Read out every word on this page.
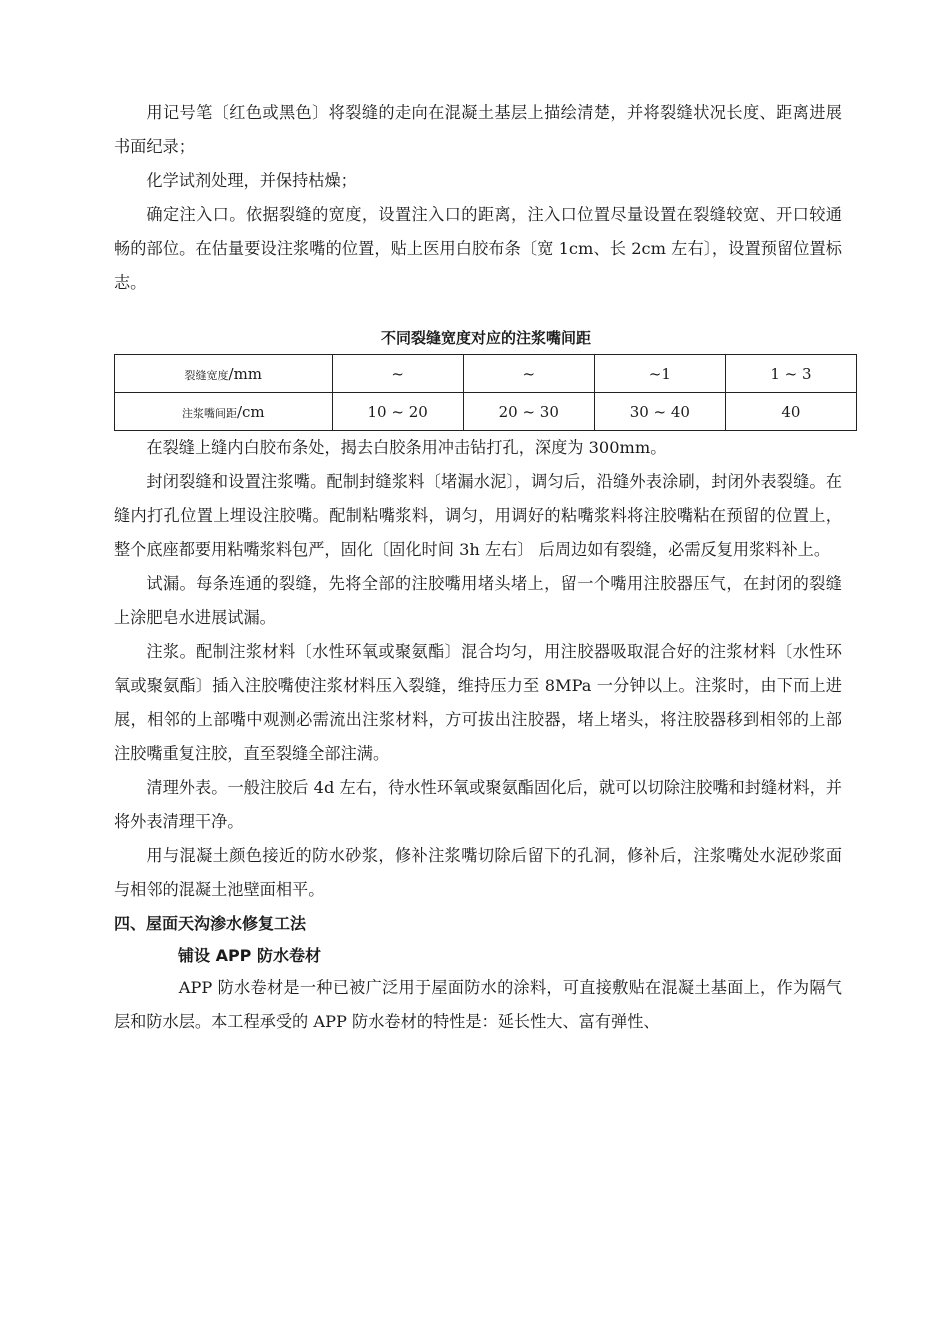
用记号笔〔红色或黑色〕将裂缝的走向在混凝土基层上描绘清楚，并将裂缝状况长度、距离进展书面纪录；

化学试剂处理，并保持枯燥；

确定注入口。依据裂缝的宽度，设置注入口的距离，注入口位置尽量设置在裂缝较宽、开口较通畅的部位。在估量要设注浆嘴的位置，贴上医用白胶布条〔宽 1cm、长 2cm 左右〕，设置预留位置标志。

不同裂缝宽度对应的注浆嘴间距
裂缝宽度/mm	~	~	~1	1 ~ 3
注浆嘴间距/cm	10 ~ 20	20 ~ 30	30 ~ 40	40

在裂缝上缝内白胶布条处，揭去白胶条用冲击钻打孔，深度为 300mm。

封闭裂缝和设置注浆嘴。配制封缝浆料〔堵漏水泥〕，调匀后，沿缝外表涂刷，封闭外表裂缝。在缝内打孔位置上埋设注胶嘴。配制粘嘴浆料，调匀，用调好的粘嘴浆料将注胶嘴粘在预留的位置上，整个底座都要用粘嘴浆料包严，固化〔固化时间 3h 左右〕 后周边如有裂缝，必需反复用浆料补上。

试漏。每条连通的裂缝，先将全部的注胶嘴用堵头堵上，留一个嘴用注胶器压气，在封闭的裂缝上涂肥皂水进展试漏。

注浆。配制注浆材料〔水性环氧或聚氨酯〕混合均匀，用注胶器吸取混合好的注浆材料〔水性环氧或聚氨酯〕插入注胶嘴使注浆材料压入裂缝，维持压力至 8MPa 一分钟以上。注浆时，由下而上进展，相邻的上部嘴中观测必需流出注浆材料，方可拔出注胶器，堵上堵头，将注胶器移到相邻的上部注胶嘴重复注胶，直至裂缝全部注满。

清理外表。一般注胶后 4d 左右，待水性环氧或聚氨酯固化后，就可以切除注胶嘴和封缝材料，并将外表清理干净。

用与混凝土颜色接近的防水砂浆，修补注浆嘴切除后留下的孔洞，修补后，注浆嘴处水泥砂浆面与相邻的混凝土池壁面相平。

四、屋面天沟渗水修复工法
铺设 APP 防水卷材

APP 防水卷材是一种已被广泛用于屋面防水的涂料，可直接敷贴在混凝土基面上，作为隔气层和防水层。本工程承受的 APP 防水卷材的特性是：延长性大、富有弹性、
